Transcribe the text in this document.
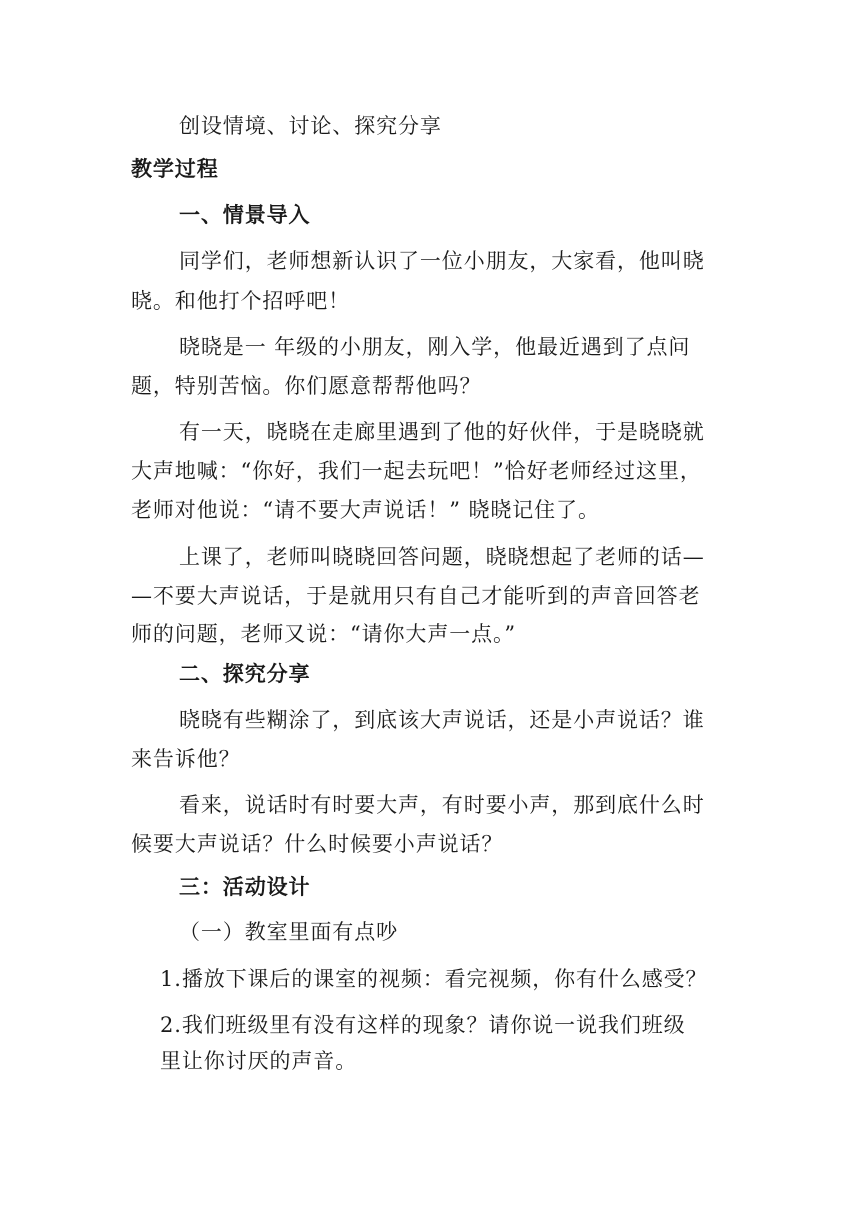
创设情境、讨论、探究分享
教学过程
一、情景导入
同学们，老师想新认识了一位小朋友，大家看，他叫晓
晓。和他打个招呼吧！
晓晓是一 年级的小朋友，刚入学，他最近遇到了点问
题，特别苦恼。你们愿意帮帮他吗？
有一天，晓晓在走廊里遇到了他的好伙伴，于是晓晓就
大声地喊：“你好，我们一起去玩吧！”恰好老师经过这里，
老师对他说：“请不要大声说话！” 晓晓记住了。
上课了，老师叫晓晓回答问题，晓晓想起了老师的话—
—不要大声说话，于是就用只有自己才能听到的声音回答老
师的问题，老师又说：“请你大声一点。”
二、探究分享
晓晓有些糊涂了，到底该大声说话，还是小声说话？谁
来告诉他？
看来，说话时有时要大声，有时要小声，那到底什么时
候要大声说话？什么时候要小声说话？
三：活动设计
（一）教室里面有点吵
1.播放下课后的课室的视频：看完视频，你有什么感受？
2.我们班级里有没有这样的现象？请你说一说我们班级
里让你讨厌的声音。
